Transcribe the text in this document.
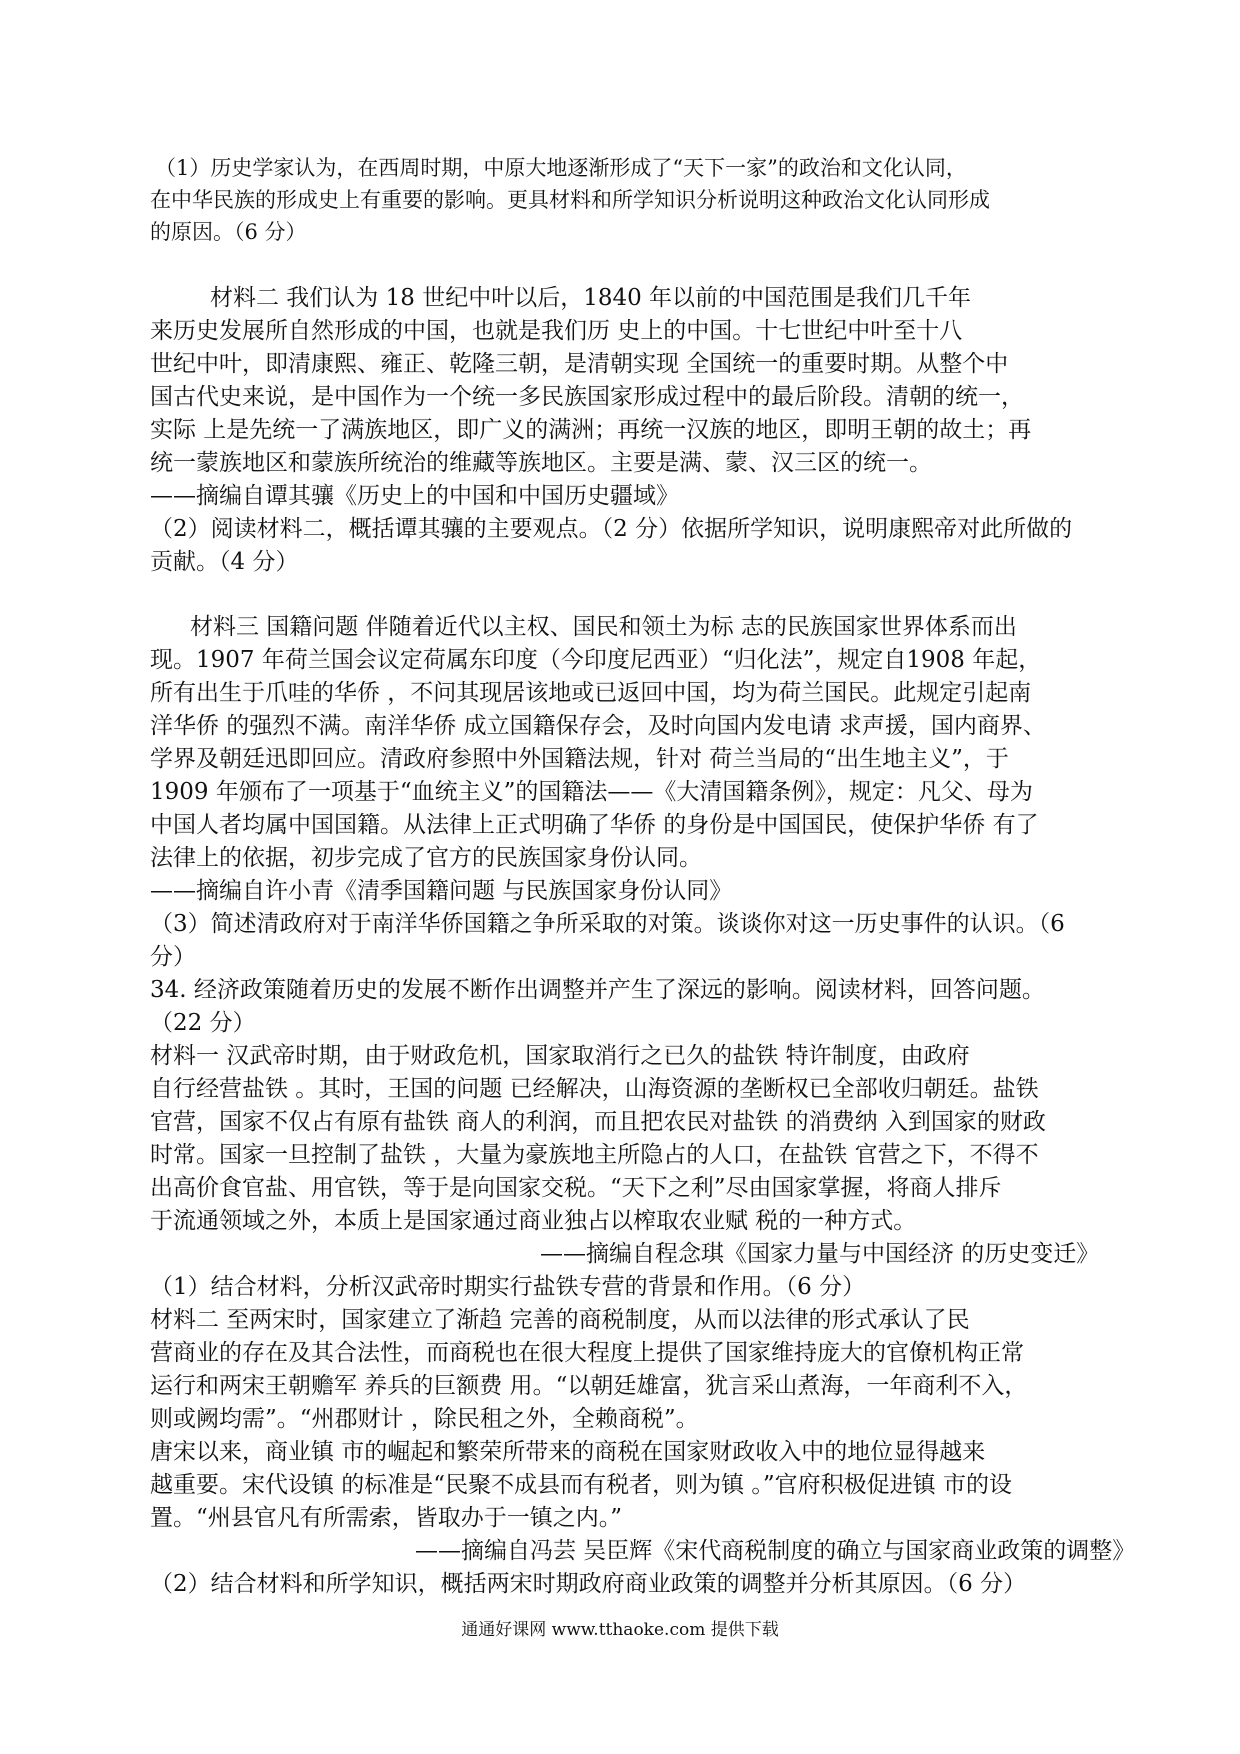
（1）历史学家认为，在西周时期，中原大地逐渐形成了“天下一家”的政治和文化认同，
在中华民族的形成史上有重要的影响。更具材料和所学知识分析说明这种政治文化认同形成
的原因。（6 分）
材料二 我们认为 18 世纪中叶以后，1840 年以前的中国范围是我们几千年
来历史发展所自然形成的中国，也就是我们历 史上的中国。十七世纪中叶至十八
世纪中叶，即清康熙、雍正、乾隆三朝，是清朝实现 全国统一的重要时期。从整个中
国古代史来说，是中国作为一个统一多民族国家形成过程中的最后阶段。清朝的统一，
实际 上是先统一了满族地区，即广义的满洲；再统一汉族的地区，即明王朝的故土；再
统一蒙族地区和蒙族所统治的维藏等族地区。主要是满、蒙、汉三区的统一。
——摘编自谭其骧《历史上的中国和中国历史疆域》
（2）阅读材料二，概括谭其骧的主要观点。（2 分）依据所学知识，说明康熙帝对此所做的
贡献。（4 分）
材料三 国籍问题 伴随着近代以主权、国民和领土为标 志的民族国家世界体系而出
现。1907 年荷兰国会议定荷属东印度（今印度尼西亚）“归化法”，规定自1908 年起，
所有出生于爪哇的华侨 ，不问其现居该地或已返回中国，均为荷兰国民。此规定引起南
洋华侨 的强烈不满。南洋华侨 成立国籍保存会，及时向国内发电请 求声援，国内商界、
学界及朝廷迅即回应。清政府参照中外国籍法规，针对 荷兰当局的“出生地主义”，于
1909 年颁布了一项基于“血统主义”的国籍法——《大清国籍条例》，规定：凡父、母为
中国人者均属中国国籍。从法律上正式明确了华侨 的身份是中国国民，使保护华侨 有了
法律上的依据，初步完成了官方的民族国家身份认同。
——摘编自许小青《清季国籍问题 与民族国家身份认同》
（3）简述清政府对于南洋华侨国籍之争所采取的对策。谈谈你对这一历史事件的认识。（6
分）
34. 经济政策随着历史的发展不断作出调整并产生了深远的影响。阅读材料，回答问题。
（22 分）
材料一 汉武帝时期，由于财政危机，国家取消行之已久的盐铁 特许制度，由政府
自行经营盐铁 。其时，王国的问题 已经解决，山海资源的垄断权已全部收归朝廷。盐铁
官营，国家不仅占有原有盐铁 商人的利润，而且把农民对盐铁 的消费纳 入到国家的财政
时常。国家一旦控制了盐铁 ，大量为豪族地主所隐占的人口，在盐铁 官营之下，不得不
出高价食官盐、用官铁，等于是向国家交税。“天下之利”尽由国家掌握，将商人排斥
于流通领域之外，本质上是国家通过商业独占以榨取农业赋 税的一种方式。
——摘编自程念琪《国家力量与中国经济 的历史变迁》
（1）结合材料，分析汉武帝时期实行盐铁专营的背景和作用。（6 分）
材料二 至两宋时，国家建立了渐趋 完善的商税制度，从而以法律的形式承认了民
营商业的存在及其合法性，而商税也在很大程度上提供了国家维持庞大的官僚机构正常
运行和两宋王朝赡军 养兵的巨额费 用。“以朝廷雄富，犹言采山煮海，一年商利不入，
则或阙均需”。“州郡财计 ，除民租之外，全赖商税”。
唐宋以来，商业镇 市的崛起和繁荣所带来的商税在国家财政收入中的地位显得越来
越重要。宋代设镇 的标准是“民聚不成县而有税者，则为镇 。”官府积极促进镇 市的设
置。“州县官凡有所需索，皆取办于一镇之内。”
——摘编自冯芸 吴臣辉《宋代商税制度的确立与国家商业政策的调整》
（2）结合材料和所学知识，概括两宋时期政府商业政策的调整并分析其原因。（6 分）
通通好课网 www.tthaoke.com 提供下载
